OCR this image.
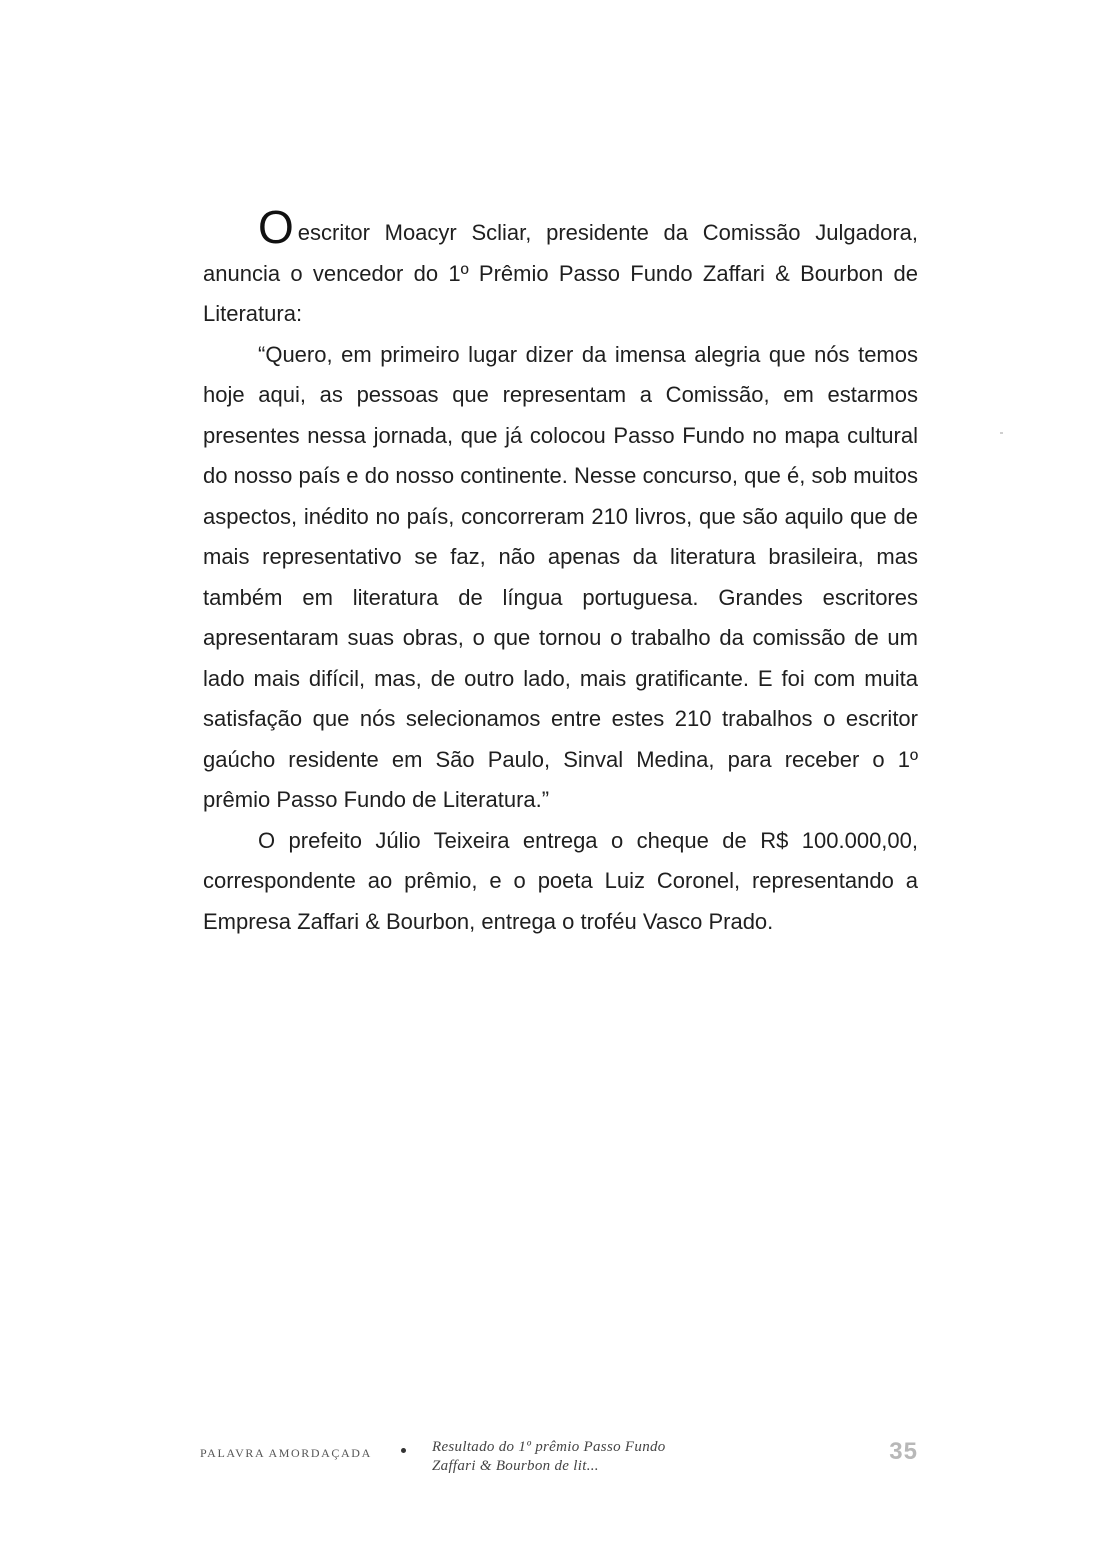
Oescritor Moacyr Scliar, presidente da Comissão Julgadora, anuncia o vencedor do 1º Prêmio Passo Fundo Zaffari & Bourbon de Literatura:

“Quero, em primeiro lugar dizer da imensa alegria que nós temos hoje aqui, as pessoas que representam a Comissão, em estarmos presentes nessa jornada, que já colocou Passo Fundo no mapa cultural do nosso país e do nosso continente. Nesse concurso, que é, sob muitos aspectos, inédito no país, concorreram 210 livros, que são aquilo que de mais representativo se faz, não apenas da literatura brasileira, mas também em literatura de língua portuguesa. Grandes escritores apresentaram suas obras, o que tornou o trabalho da comissão de um lado mais difícil, mas, de outro lado, mais gratificante. E foi com muita satisfação que nós selecionamos entre estes 210 trabalhos o escritor gaúcho residente em São Paulo, Sinval Medina, para receber o 1º prêmio Passo Fundo de Literatura.”

O prefeito Júlio Teixeira entrega o cheque de R$ 100.000,00, correspondente ao prêmio, e o poeta Luiz Coronel, representando a Empresa Zaffari & Bourbon, entrega o troféu Vasco Prado.

PALAVRA AMORDAÇADA	Resultado do 1º prêmio Passo Fundo
Zaffari & Bourbon de lit...
35
